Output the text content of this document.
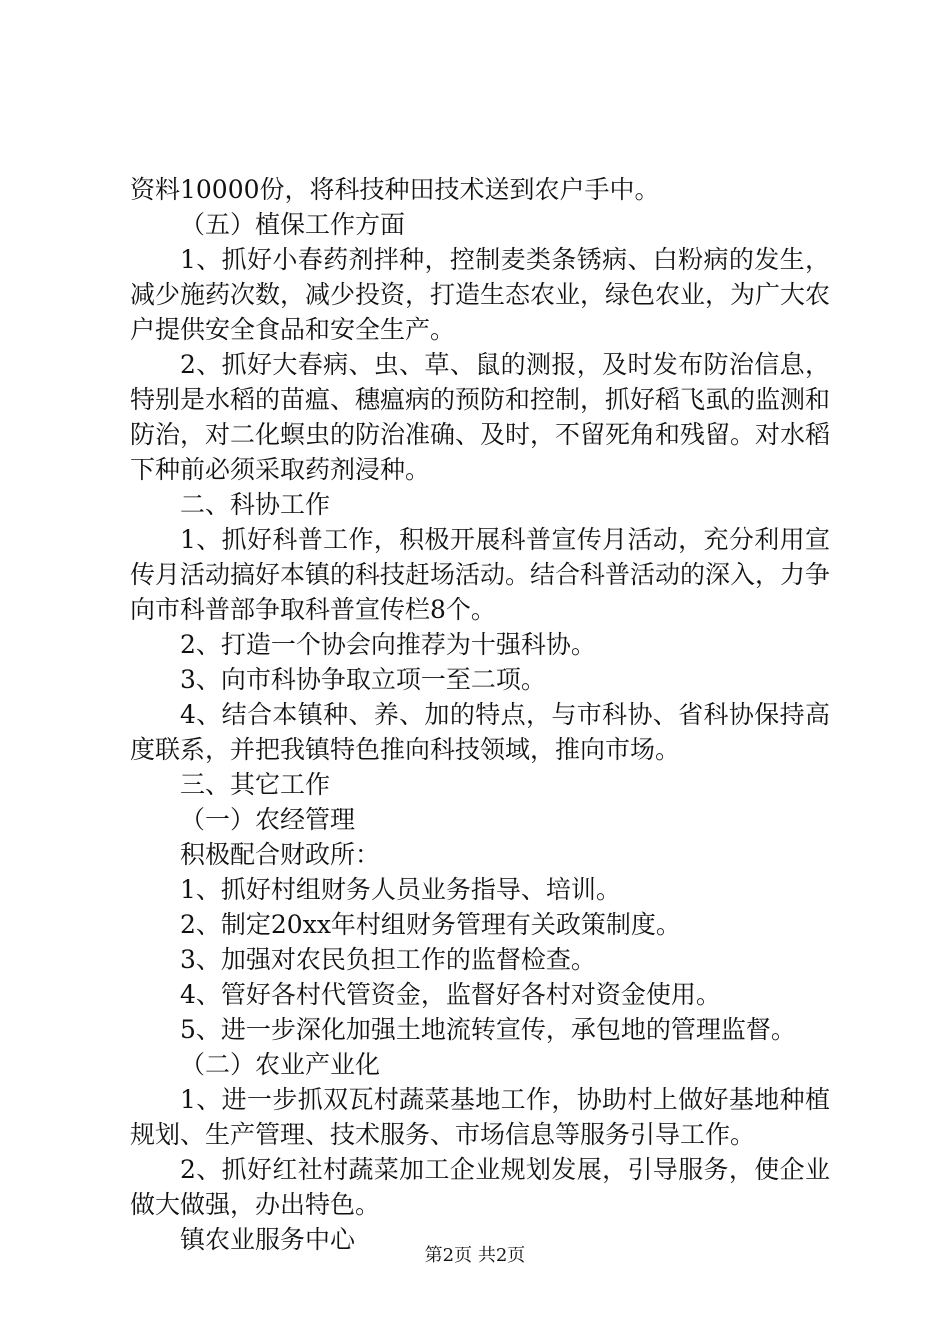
资料10000份，将科技种田技术送到农户手中。

（五）植保工作方面

1、抓好小春药剂拌种，控制麦类条锈病、白粉病的发生，减少施药次数，减少投资，打造生态农业，绿色农业，为广大农户提供安全食品和安全生产。

2、抓好大春病、虫、草、鼠的测报，及时发布防治信息，特别是水稻的苗瘟、穗瘟病的预防和控制，抓好稻飞虱的监测和防治，对二化螟虫的防治准确、及时，不留死角和残留。对水稻下种前必须采取药剂浸种。

二、科协工作

1、抓好科普工作，积极开展科普宣传月活动，充分利用宣传月活动搞好本镇的科技赶场活动。结合科普活动的深入，力争向市科普部争取科普宣传栏8个。

2、打造一个协会向推荐为十强科协。

3、向市科协争取立项一至二项。

4、结合本镇种、养、加的特点，与市科协、省科协保持高度联系，并把我镇特色推向科技领域，推向市场。

三、其它工作

（一）农经管理

积极配合财政所：

1、抓好村组财务人员业务指导、培训。

2、制定20xx年村组财务管理有关政策制度。

3、加强对农民负担工作的监督检查。

4、管好各村代管资金，监督好各村对资金使用。

5、进一步深化加强土地流转宣传，承包地的管理监督。

（二）农业产业化

1、进一步抓双瓦村蔬菜基地工作，协助村上做好基地种植规划、生产管理、技术服务、市场信息等服务引导工作。

2、抓好红社村蔬菜加工企业规划发展，引导服务，使企业做大做强，办出特色。

镇农业服务中心

第2页 共2页
